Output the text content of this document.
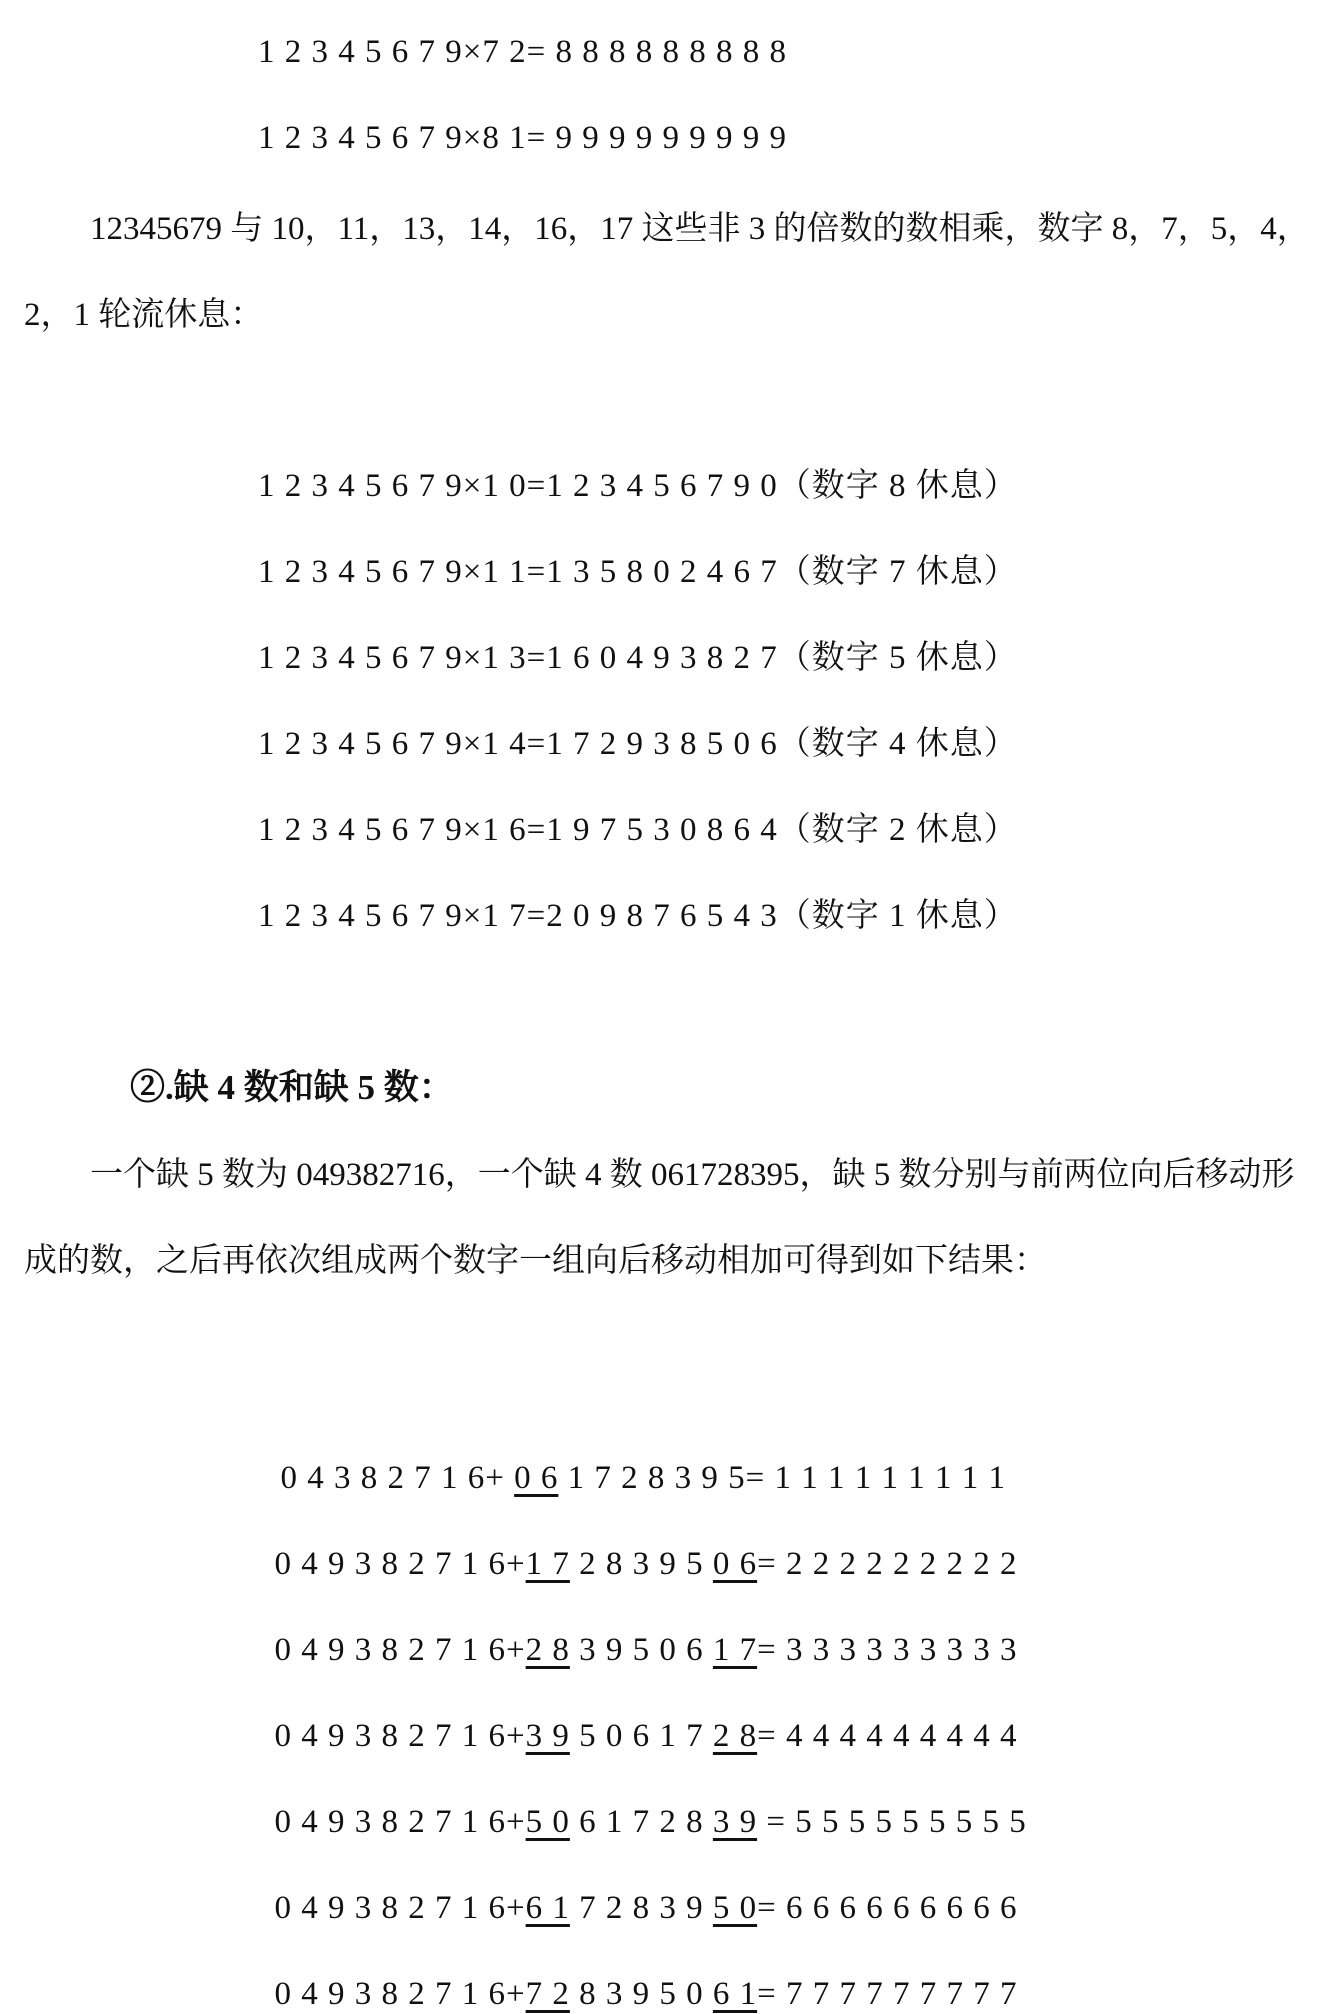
1 2 3 4 5 6 7 9×7 2= 8 8 8 8 8 8 8 8 8
1 2 3 4 5 6 7 9×8 1= 9 9 9 9 9 9 9 9 9
12345679 与 10，11，13，14，16，17 这些非 3 的倍数的数相乘，数字 8，7，5，4，2，1 轮流休息：
1 2 3 4 5 6 7 9×1 0=1 2 3 4 5 6 7 9 0（数字 8 休息）
1 2 3 4 5 6 7 9×1 1=1 3 5 8 0 2 4 6 7（数字 7 休息）
1 2 3 4 5 6 7 9×1 3=1 6 0 4 9 3 8 2 7（数字 5 休息）
1 2 3 4 5 6 7 9×1 4=1 7 2 9 3 8 5 0 6（数字 4 休息）
1 2 3 4 5 6 7 9×1 6=1 9 7 5 3 0 8 6 4（数字 2 休息）
1 2 3 4 5 6 7 9×1 7=2 0 9 8 7 6 5 4 3（数字 1 休息）
②.缺 4 数和缺 5 数：
一个缺 5 数为 049382716，一个缺 4 数 061728395，缺 5 数分别与前两位向后移动形成的数，之后再依次组成两个数字一组向后移动相加可得到如下结果：

0 4 3 8 2 7 1 6+ 0 6 1 7 2 8 3 9 5= 1 1 1 1 1 1 1 1 1

0 4 9 3 8 2 7 1 6+1 7 2 8 3 9 5 0 6= 2 2 2 2 2 2 2 2 2

0 4 9 3 8 2 7 1 6+2 8 3 9 5 0 6 1 7= 3 3 3 3 3 3 3 3 3

0 4 9 3 8 2 7 1 6+3 9 5 0 6 1 7 2 8= 4 4 4 4 4 4 4 4 4

0 4 9 3 8 2 7 1 6+5 0 6 1 7 2 8 3 9 = 5 5 5 5 5 5 5 5 5

0 4 9 3 8 2 7 1 6+6 1 7 2 8 3 9 5 0= 6 6 6 6 6 6 6 6 6

0 4 9 3 8 2 7 1 6+7 2 8 3 9 5 0 6 1= 7 7 7 7 7 7 7 7 7
